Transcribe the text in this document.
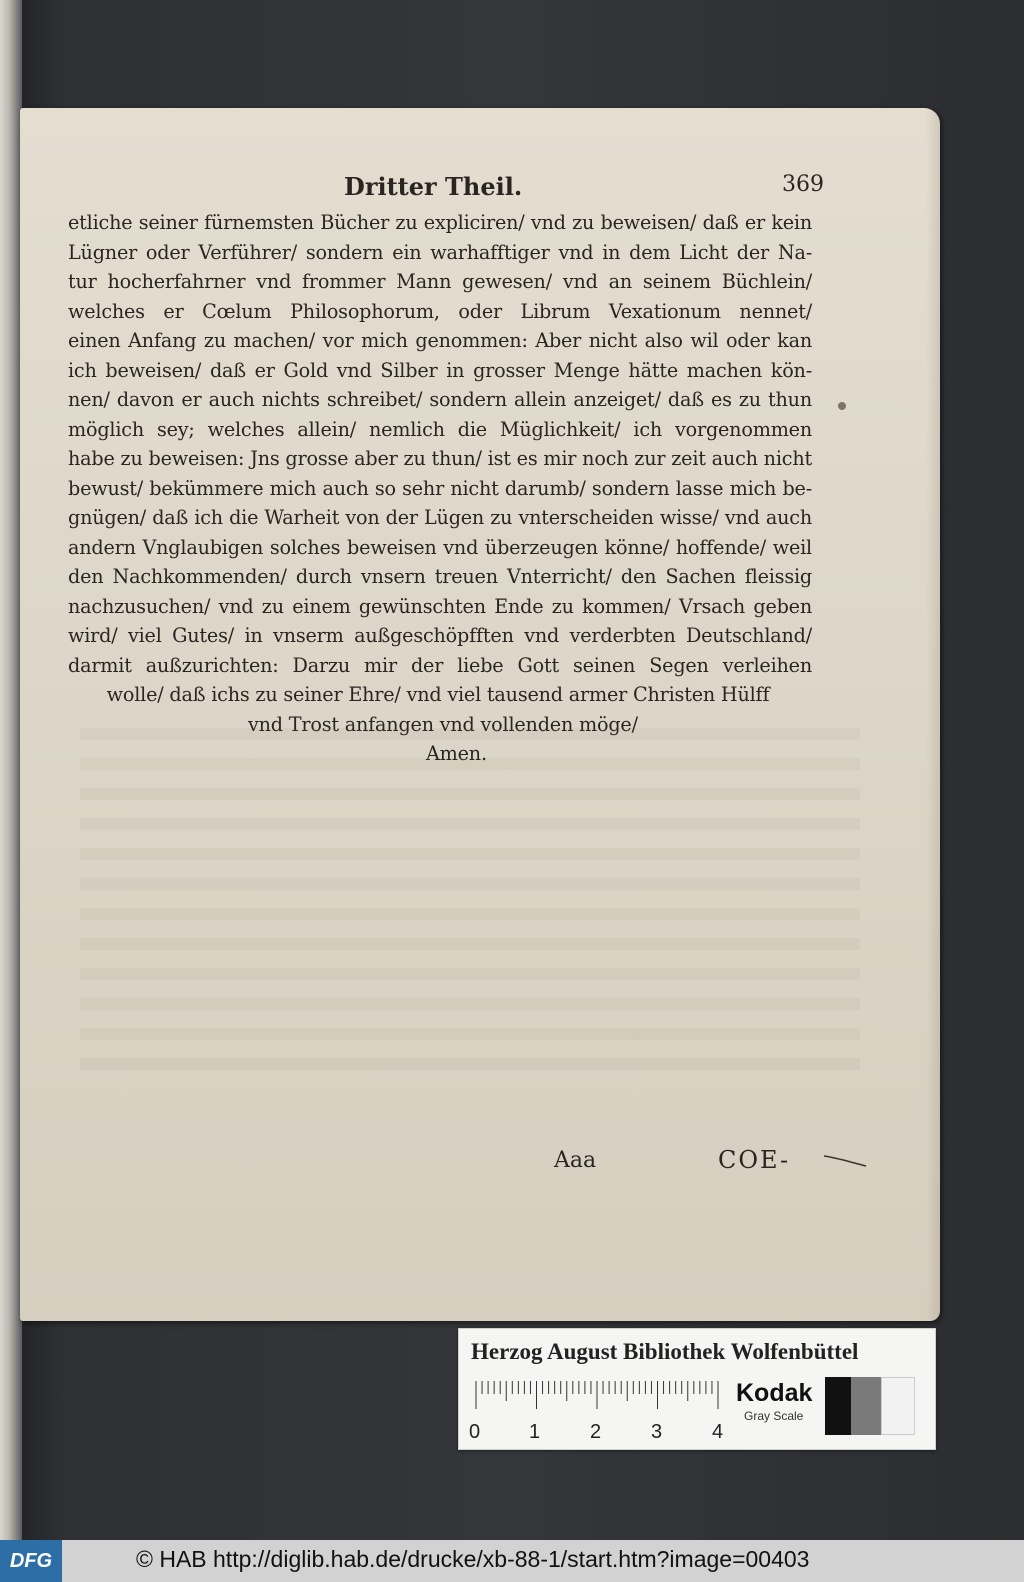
Dritter Theil.	369
etliche seiner fürnemsten Bücher zu expliciren/ vnd zu beweisen/ daß er kein
Lügner oder Verführer/ sondern ein warhafftiger vnd in dem Licht der Na-
tur hocherfahrner vnd frommer Mann gewesen/ vnd an seinem Büchlein/
welches er Cœlum Philosophorum, oder Librum Vexationum nennet/
einen Anfang zu machen/ vor mich genommen: Aber nicht also wil oder kan
ich beweisen/ daß er Gold vnd Silber in grosser Menge hätte machen kön-
nen/ davon er auch nichts schreibet/ sondern allein anzeiget/ daß es zu thun
möglich sey; welches allein/ nemlich die Müglichkeit/ ich vorgenommen
habe zu beweisen: Jns grosse aber zu thun/ ist es mir noch zur zeit auch nicht
bewust/ bekümmere mich auch so sehr nicht darumb/ sondern lasse mich be-
gnügen/ daß ich die Warheit von der Lügen zu vnterscheiden wisse/ vnd auch
andern Vnglaubigen solches beweisen vnd überzeugen könne/ hoffende/ weil
den Nachkommenden/ durch vnsern treuen Vnterricht/ den Sachen fleissig
nachzusuchen/ vnd zu einem gewünschten Ende zu kommen/ Vrsach geben
wird/ viel Gutes/ in vnserm außgeschöpfften vnd verderbten Deutschland/
darmit außzurichten: Darzu mir der liebe Gott seinen Segen verleihen
wolle/ daß ichs zu seiner Ehre/ vnd viel tausend armer Christen Hülff
vnd Trost anfangen vnd vollenden möge/
Amen.
Aaa	COE-
Herzog August Bibliothek Wolfenbüttel
0 1 2 3 4
Kodak
Gray Scale
DFG	© HAB http://diglib.hab.de/drucke/xb-88-1/start.htm?image=00403
